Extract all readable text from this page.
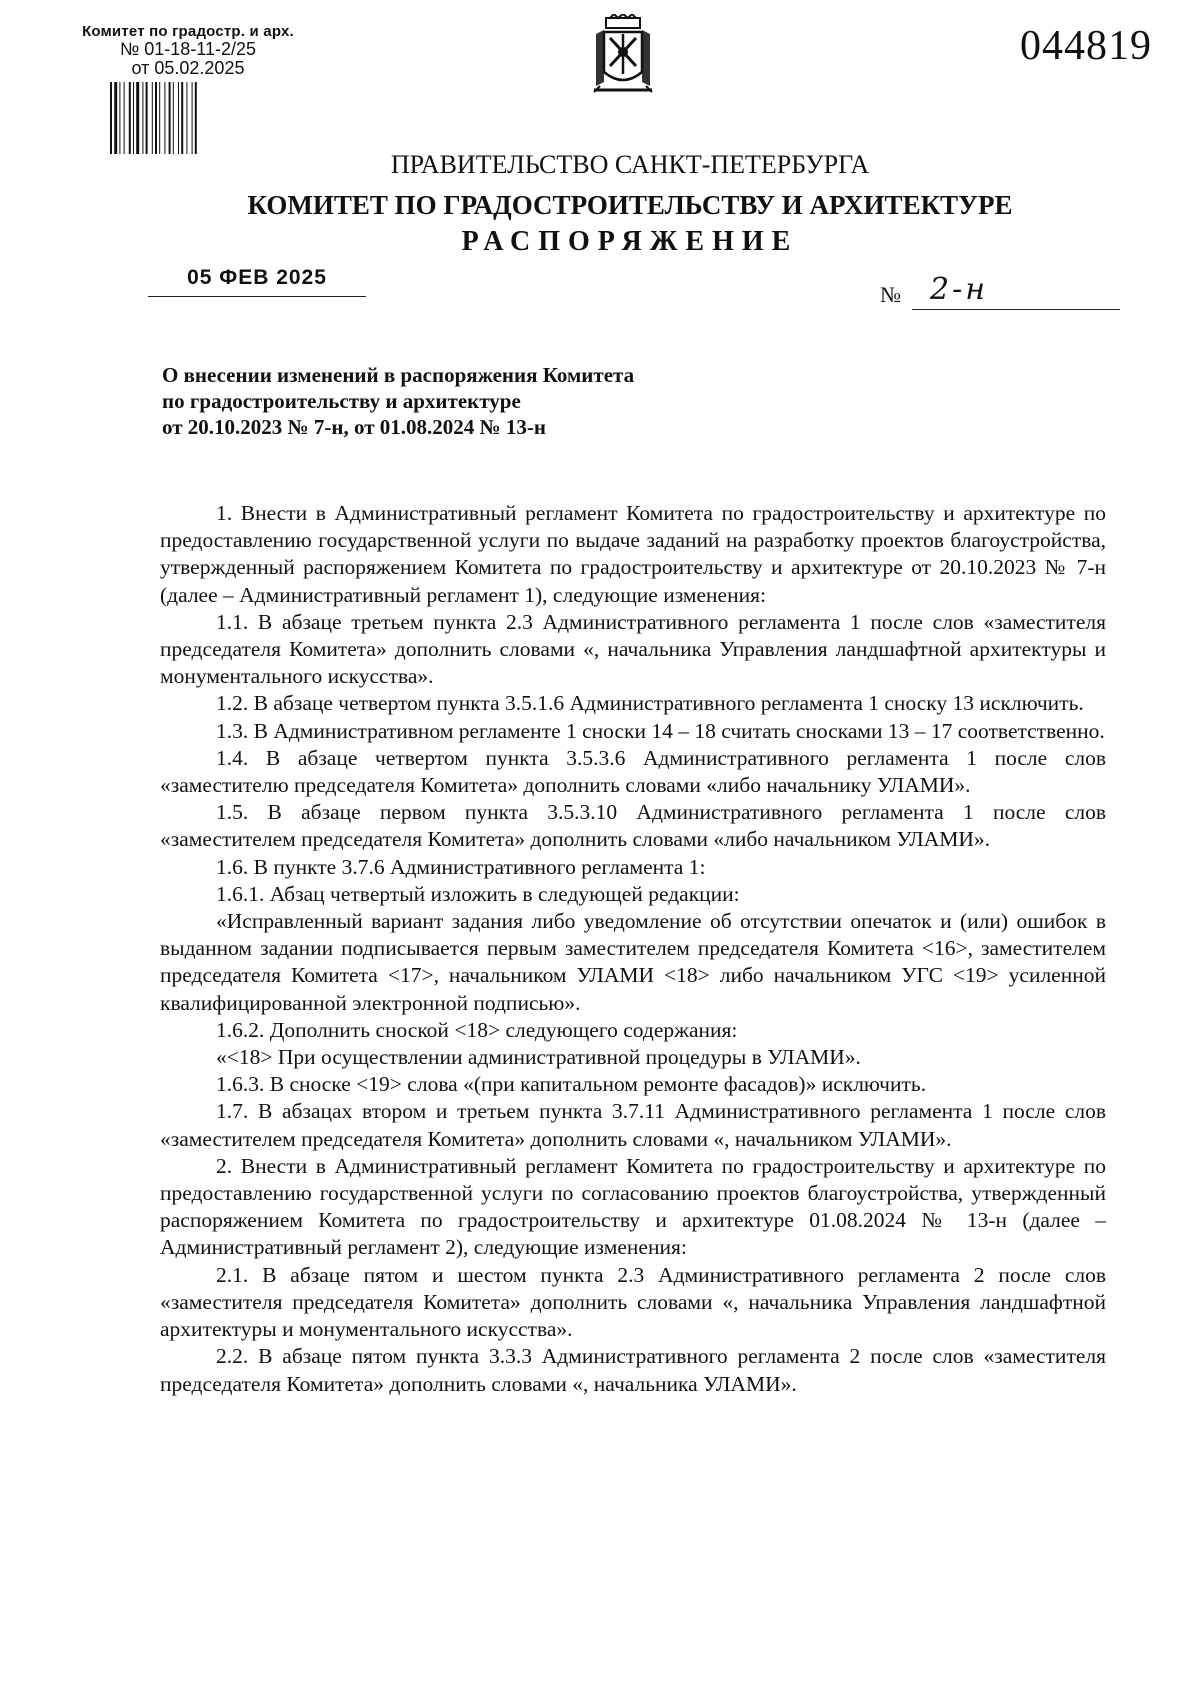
Комитет по градостр. и арх.
№ 01-18-11-2/25
от 05.02.2025	044819
ПРАВИТЕЛЬСТВО САНКТ-ПЕТЕРБУРГА
КОМИТЕТ ПО ГРАДОСТРОИТЕЛЬСТВУ И АРХИТЕКТУРЕ
РАСПОРЯЖЕНИЕ
05 ФЕВ 2025
№ 2-н
О внесении изменений в распоряжения Комитета
по градостроительству и архитектуре
от 20.10.2023 № 7-н, от 01.08.2024 № 13-н

1. Внести в Административный регламент Комитета по градостроительству и архитектуре по предоставлению государственной услуги по выдаче заданий на разработку проектов благоустройства, утвержденный распоряжением Комитета по градостроительству и архитектуре от 20.10.2023 № 7-н (далее – Административный регламент 1), следующие изменения:

1.1. В абзаце третьем пункта 2.3 Административного регламента 1 после слов «заместителя председателя Комитета» дополнить словами «, начальника Управления ландшафтной архитектуры и монументального искусства».

1.2. В абзаце четвертом пункта 3.5.1.6 Административного регламента 1 сноску 13 исключить.

1.3. В Административном регламенте 1 сноски 14 – 18 считать сносками 13 – 17 соответственно.

1.4. В абзаце четвертом пункта 3.5.3.6 Административного регламента 1 после слов «заместителю председателя Комитета» дополнить словами «либо начальнику УЛАМИ».

1.5. В абзаце первом пункта 3.5.3.10 Административного регламента 1 после слов «заместителем председателя Комитета» дополнить словами «либо начальником УЛАМИ».

1.6. В пункте 3.7.6 Административного регламента 1:

1.6.1. Абзац четвертый изложить в следующей редакции:

«Исправленный вариант задания либо уведомление об отсутствии опечаток и (или) ошибок в выданном задании подписывается первым заместителем председателя Комитета <16>, заместителем председателя Комитета <17>, начальником УЛАМИ <18> либо начальником УГС <19> усиленной квалифицированной электронной подписью».

1.6.2. Дополнить сноской <18> следующего содержания:

«<18> При осуществлении административной процедуры в УЛАМИ».

1.6.3. В сноске <19> слова «(при капитальном ремонте фасадов)» исключить.

1.7. В абзацах втором и третьем пункта 3.7.11 Административного регламента 1 после слов «заместителем председателя Комитета» дополнить словами «, начальником УЛАМИ».

2. Внести в Административный регламент Комитета по градостроительству и архитектуре по предоставлению государственной услуги по согласованию проектов благоустройства, утвержденный распоряжением Комитета по градостроительству и архитектуре 01.08.2024 № 13-н (далее – Административный регламент 2), следующие изменения:

2.1. В абзаце пятом и шестом пункта 2.3 Административного регламента 2 после слов «заместителя председателя Комитета» дополнить словами «, начальника Управления ландшафтной архитектуры и монументального искусства».

2.2. В абзаце пятом пункта 3.3.3 Административного регламента 2 после слов «заместителя председателя Комитета» дополнить словами «, начальника УЛАМИ».
